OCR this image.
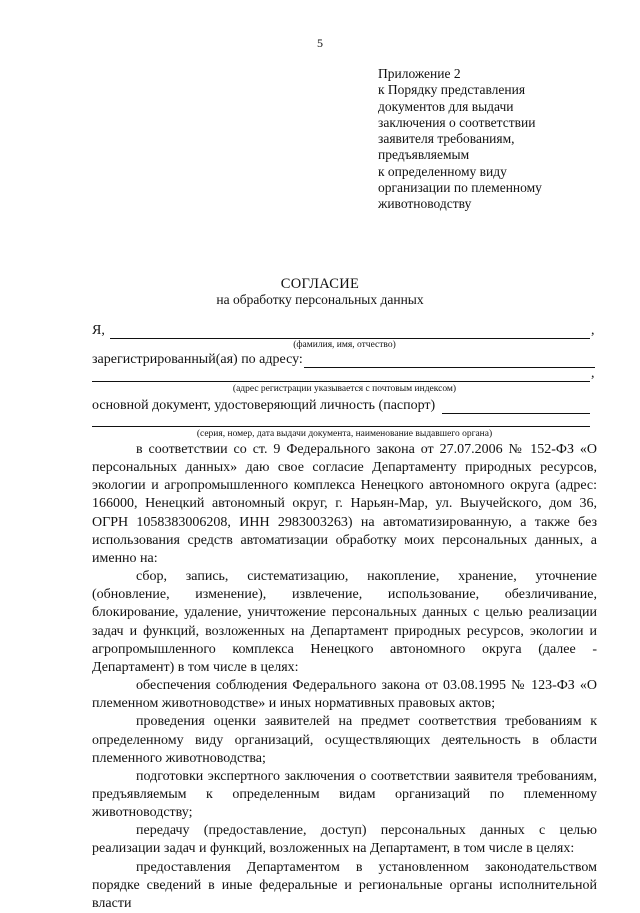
5
Приложение 2
к Порядку представления
документов для выдачи
заключения о соответствии
заявителя требованиям,
предъявляемым
к определенному виду
организации по племенному
животноводству
СОГЛАСИЕ
на обработку персональных данных
Я,	,
(фамилия, имя, отчество)
зарегистрированный(ая) по адресу:
,
(адрес регистрации указывается с почтовым индексом)
основной документ, удостоверяющий личность (паспорт)
(серия, номер, дата выдачи документа, наименование выдавшего органа)

в соответствии со ст. 9 Федерального закона от 27.07.2006 № 152-ФЗ «О персональных данных» даю свое согласие Департаменту природных ресурсов, экологии и агропромышленного комплекса Ненецкого автономного округа (адрес: 166000, Ненецкий автономный округ, г. Нарьян-Мар, ул. Выучейского, дом 36, ОГРН 1058383006208, ИНН 2983003263) на автоматизированную, а также без использования средств автоматизации обработку моих персональных данных, а именно на:

сбор, запись, систематизацию, накопление, хранение, уточнение (обновление, изменение), извлечение, использование, обезличивание, блокирование, удаление, уничтожение персональных данных с целью реализации задач и функций, возложенных на Департамент природных ресурсов, экологии и агропромышленного комплекса Ненецкого автономного округа (далее - Департамент) в том числе в целях:

обеспечения соблюдения Федерального закона от 03.08.1995 № 123-ФЗ «О племенном животноводстве» и иных нормативных правовых актов;

проведения оценки заявителей на предмет соответствия требованиям к определенному виду организаций, осуществляющих деятельность в области племенного животноводства;

подготовки экспертного заключения о соответствии заявителя требованиям, предъявляемым к определенным видам организаций по племенному животноводству;

передачу (предоставление, доступ) персональных данных с целью реализации задач и функций, возложенных на Департамент, в том числе в целях:

предоставления Департаментом в установленном законодательством порядке сведений в иные федеральные и региональные органы исполнительной власти
